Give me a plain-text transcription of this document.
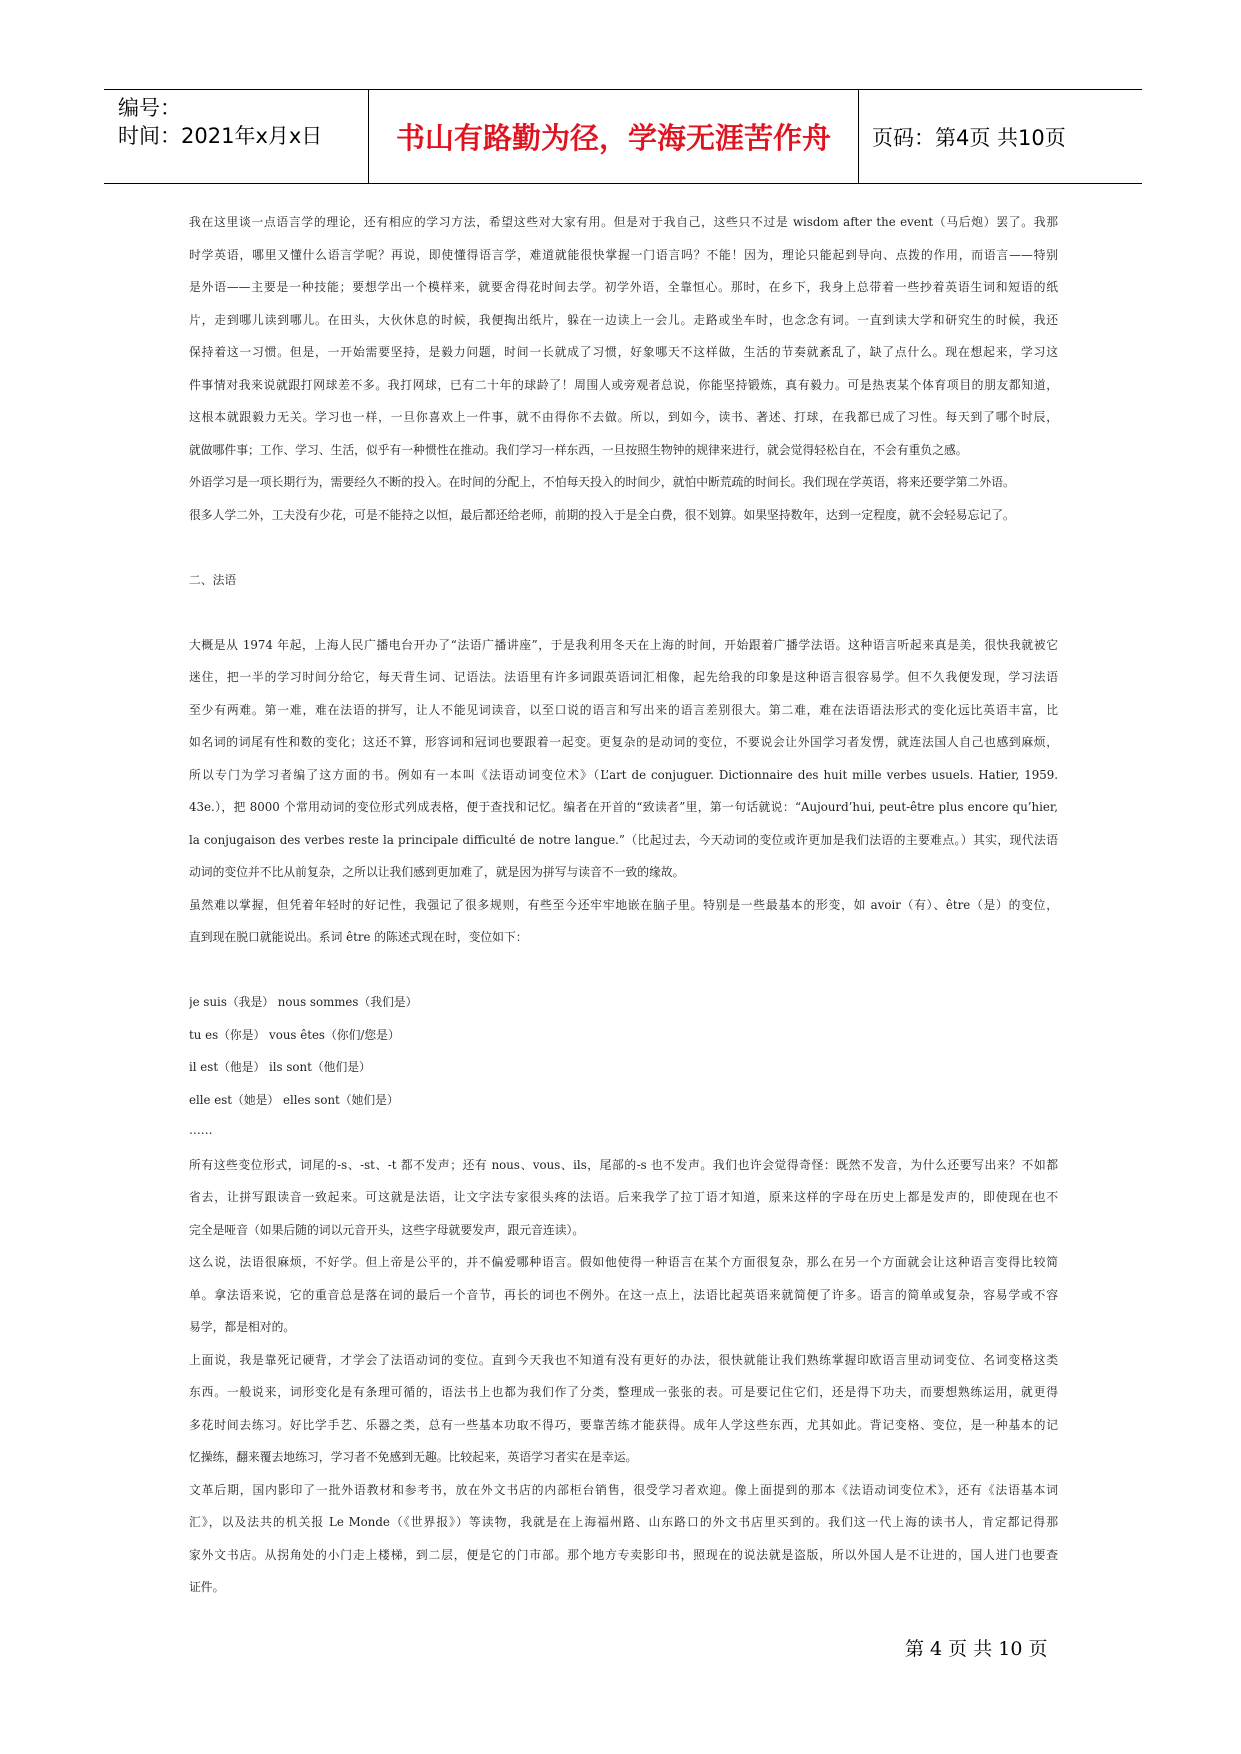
编号：
时间：2021年x月x日	书山有路勤为径，学海无涯苦作舟	页码：第4页 共10页
我在这里谈一点语言学的理论，还有相应的学习方法，希望这些对大家有用。但是对于我自己，这些只不过是 wisdom after the event（马后炮）罢了。我那
时学英语，哪里又懂什么语言学呢？再说，即使懂得语言学，难道就能很快掌握一门语言吗？不能！因为，理论只能起到导向、点拨的作用，而语言——特别
是外语——主要是一种技能；要想学出一个模样来，就要舍得花时间去学。初学外语，全靠恒心。那时，在乡下，我身上总带着一些抄着英语生词和短语的纸
片，走到哪儿读到哪儿。在田头，大伙休息的时候，我便掏出纸片，躲在一边读上一会儿。走路或坐车时，也念念有词。一直到读大学和研究生的时候，我还
保持着这一习惯。但是，一开始需要坚持，是毅力问题，时间一长就成了习惯，好象哪天不这样做，生活的节奏就紊乱了，缺了点什么。现在想起来，学习这
件事情对我来说就跟打网球差不多。我打网球，已有二十年的球龄了！周围人或旁观者总说，你能坚持锻炼，真有毅力。可是热衷某个体育项目的朋友都知道，
这根本就跟毅力无关。学习也一样，一旦你喜欢上一件事，就不由得你不去做。所以，到如今，读书、著述、打球，在我都已成了习性。每天到了哪个时辰，
就做哪件事；工作、学习、生活，似乎有一种惯性在推动。我们学习一样东西，一旦按照生物钟的规律来进行，就会觉得轻松自在，不会有重负之感。
外语学习是一项长期行为，需要经久不断的投入。在时间的分配上，不怕每天投入的时间少，就怕中断荒疏的时间长。我们现在学英语，将来还要学第二外语。
很多人学二外，工夫没有少花，可是不能持之以恒，最后都还给老师，前期的投入于是全白费，很不划算。如果坚持数年，达到一定程度，就不会轻易忘记了。
二、法语
大概是从 1974 年起，上海人民广播电台开办了“法语广播讲座”，于是我利用冬天在上海的时间，开始跟着广播学法语。这种语言听起来真是美，很快我就被它
迷住，把一半的学习时间分给它，每天背生词、记语法。法语里有许多词跟英语词汇相像，起先给我的印象是这种语言很容易学。但不久我便发现，学习法语
至少有两难。第一难，难在法语的拼写，让人不能见词读音，以至口说的语言和写出来的语言差别很大。第二难，难在法语语法形式的变化远比英语丰富，比
如名词的词尾有性和数的变化；这还不算，形容词和冠词也要跟着一起变。更复杂的是动词的变位，不要说会让外国学习者发愣，就连法国人自己也感到麻烦，
所以专门为学习者编了这方面的书。例如有一本叫《法语动词变位术》（L’art de conjuguer. Dictionnaire des huit mille verbes usuels. Hatier, 1959.
43e.），把 8000 个常用动词的变位形式列成表格，便于查找和记忆。编者在开首的“致读者”里，第一句话就说：“Aujourd’hui, peut-être plus encore qu’hier,
la conjugaison des verbes reste la principale difficulté de notre langue.”（比起过去，今天动词的变位或许更加是我们法语的主要难点。）其实，现代法语
动词的变位并不比从前复杂，之所以让我们感到更加难了，就是因为拼写与读音不一致的缘故。
虽然难以掌握，但凭着年轻时的好记性，我强记了很多规则，有些至今还牢牢地嵌在脑子里。特别是一些最基本的形变，如 avoir（有）、être（是）的变位，
直到现在脱口就能说出。系词 être 的陈述式现在时，变位如下：
je suis（我是） nous sommes（我们是）
tu es（你是） vous êtes（你们/您是）
il est（他是） ils sont（他们是）
elle est（她是） elles sont（她们是）
……
所有这些变位形式，词尾的-s、-st、-t 都不发声；还有 nous、vous、ils，尾部的-s 也不发声。我们也许会觉得奇怪：既然不发音，为什么还要写出来？不如都
省去，让拼写跟读音一致起来。可这就是法语，让文字法专家很头疼的法语。后来我学了拉丁语才知道，原来这样的字母在历史上都是发声的，即使现在也不
完全是哑音（如果后随的词以元音开头，这些字母就要发声，跟元音连读）。
这么说，法语很麻烦，不好学。但上帝是公平的，并不偏爱哪种语言。假如他使得一种语言在某个方面很复杂，那么在另一个方面就会让这种语言变得比较简
单。拿法语来说，它的重音总是落在词的最后一个音节，再长的词也不例外。在这一点上，法语比起英语来就简便了许多。语言的简单或复杂，容易学或不容
易学，都是相对的。
上面说，我是靠死记硬背，才学会了法语动词的变位。直到今天我也不知道有没有更好的办法，很快就能让我们熟练掌握印欧语言里动词变位、名词变格这类
东西。一般说来，词形变化是有条理可循的，语法书上也都为我们作了分类，整理成一张张的表。可是要记住它们，还是得下功夫，而要想熟练运用，就更得
多花时间去练习。好比学手艺、乐器之类，总有一些基本功取不得巧，要靠苦练才能获得。成年人学这些东西，尤其如此。背记变格、变位，是一种基本的记
忆操练，翻来覆去地练习，学习者不免感到无趣。比较起来，英语学习者实在是幸运。
文革后期，国内影印了一批外语教材和参考书，放在外文书店的内部柜台销售，很受学习者欢迎。像上面提到的那本《法语动词变位术》，还有《法语基本词
汇》，以及法共的机关报 Le Monde（《世界报》）等读物，我就是在上海福州路、山东路口的外文书店里买到的。我们这一代上海的读书人，肯定都记得那
家外文书店。从拐角处的小门走上楼梯，到二层，便是它的门市部。那个地方专卖影印书，照现在的说法就是盗版，所以外国人是不让进的，国人进门也要查
证件。
第 4 页 共 10 页
